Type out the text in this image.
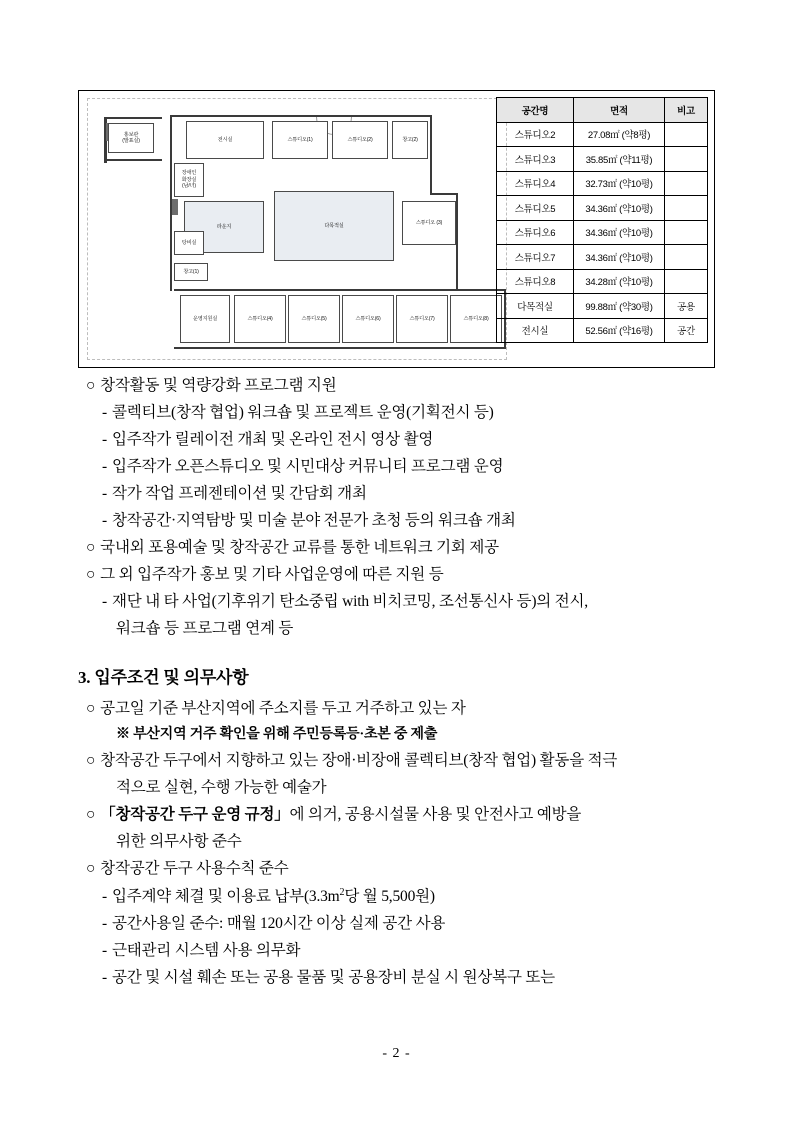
홍보관
(발표실)	전시실	스튜디오(1)	스튜디오(2)	창고(2)
장애인
화장실
(남/녀)
라운지	다목적실	스튜디오 (3)
탕비실
창고(1)
운영지원실	스튜디오(4)	스튜디오(5)	스튜디오(6)	스튜디오(7)	스튜디오(8)
공간명	면적	비고
스튜디오2	27.08㎡ (약8평)	
스튜디오3	35.85㎡ (약11평)	
스튜디오4	32.73㎡ (약10평)	
스튜디오5	34.36㎡ (약10평)	
스튜디오6	34.36㎡ (약10평)	
스튜디오7	34.36㎡ (약10평)	
스튜디오8	34.28㎡ (약10평)	
다목적실	99.88㎡ (약30평)	공용
전시실	52.56㎡ (약16평)	공간
○ 창작활동 및 역량강화 프로그램 지원
- 콜렉티브(창작 협업) 워크숍 및 프로젝트 운영(기획전시 등)
- 입주작가 릴레이전 개최 및 온라인 전시 영상 촬영
- 입주작가 오픈스튜디오 및 시민대상 커뮤니티 프로그램 운영
- 작가 작업 프레젠테이션 및 간담회 개최
- 창작공간·지역탐방 및 미술 분야 전문가 초청 등의 워크숍 개최
○ 국내외 포용예술 및 창작공간 교류를 통한 네트워크 기회 제공
○ 그 외 입주작가 홍보 및 기타 사업운영에 따른 지원 등
- 재단 내 타 사업(기후위기 탄소중립 with 비치코밍, 조선통신사 등)의 전시,
워크숍 등 프로그램 연계 등
3. 입주조건 및 의무사항
○ 공고일 기준 부산지역에 주소지를 두고 거주하고 있는 자
※ 부산지역 거주 확인을 위해 주민등록등·초본 중 제출
○ 창작공간 두구에서 지향하고 있는 장애·비장애 콜렉티브(창작 협업) 활동을 적극
적으로 실현, 수행 가능한 예술가
○ 「창작공간 두구 운영 규정」에 의거, 공용시설물 사용 및 안전사고 예방을
위한 의무사항 준수
○ 창작공간 두구 사용수칙 준수
- 입주계약 체결 및 이용료 납부($3.3m^2$당 월 5,500원)
- 공간사용일 준수: 매월 120시간 이상 실제 공간 사용
- 근태관리 시스템 사용 의무화
- 공간 및 시설 훼손 또는 공용 물품 및 공용장비 분실 시 원상복구 또는
- 2 -
